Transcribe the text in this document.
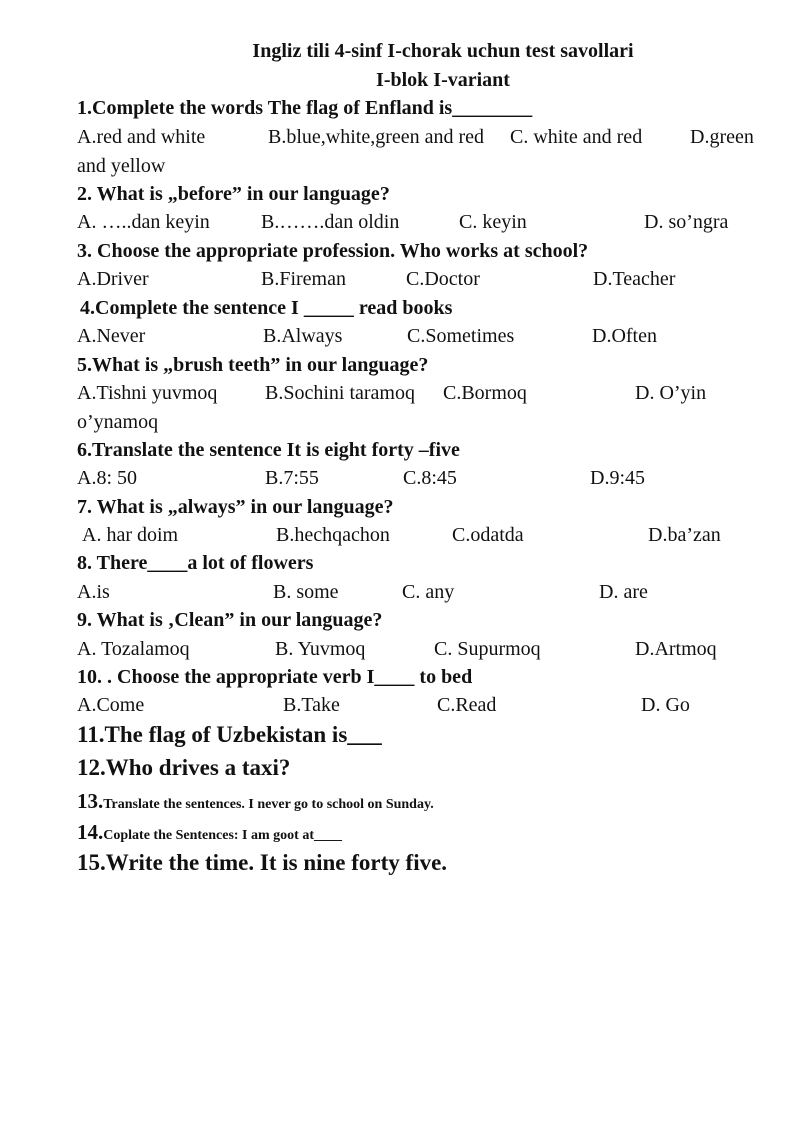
Ingliz tili 4-sinf I-chorak uchun test savollari
I-blok I-variant
1.Complete the words The flag of Enfland is________
A.red and white	B.blue,white,green and red C. white and red D.green
and yellow
2. What is „before” in our language?
A. …..dan keyin	B.…….dan oldin	C. keyin	D. so’ngra
3. Choose the appropriate profession. Who works at school?
A.Driver	B.Fireman	C.Doctor	D.Teacher
4.Complete the sentence I _____ read books
A.Never	B.Always	C.Sometimes	D.Often
5.What is „brush teeth” in our language?
A.Tishni yuvmoq B.Sochini taramoq C.Bormoq	D. O’yin
o’ynamoq
6.Translate the sentence It is eight forty –five
A.8: 50	B.7:55	C.8:45	D.9:45
7. What is „always” in our language?
A. har doim	B.hechqachon	C.odatda	D.ba’zan
8. There____a lot of flowers
A.is	B. some	C. any	D. are
9. What is ‚Clean” in our language?
A. Tozalamoq	B. Yuvmoq	C. Supurmoq	D.Artmoq
10. . Choose the appropriate verb I____ to bed
A.Come	B.Take	C.Read	D. Go
11.The flag of Uzbekistan is___
12.Who drives a taxi?
13.Translate the sentences. I never go to school on Sunday.
14.Coplate the Sentences: I am goot at____
15.Write the time. It is nine forty five.
